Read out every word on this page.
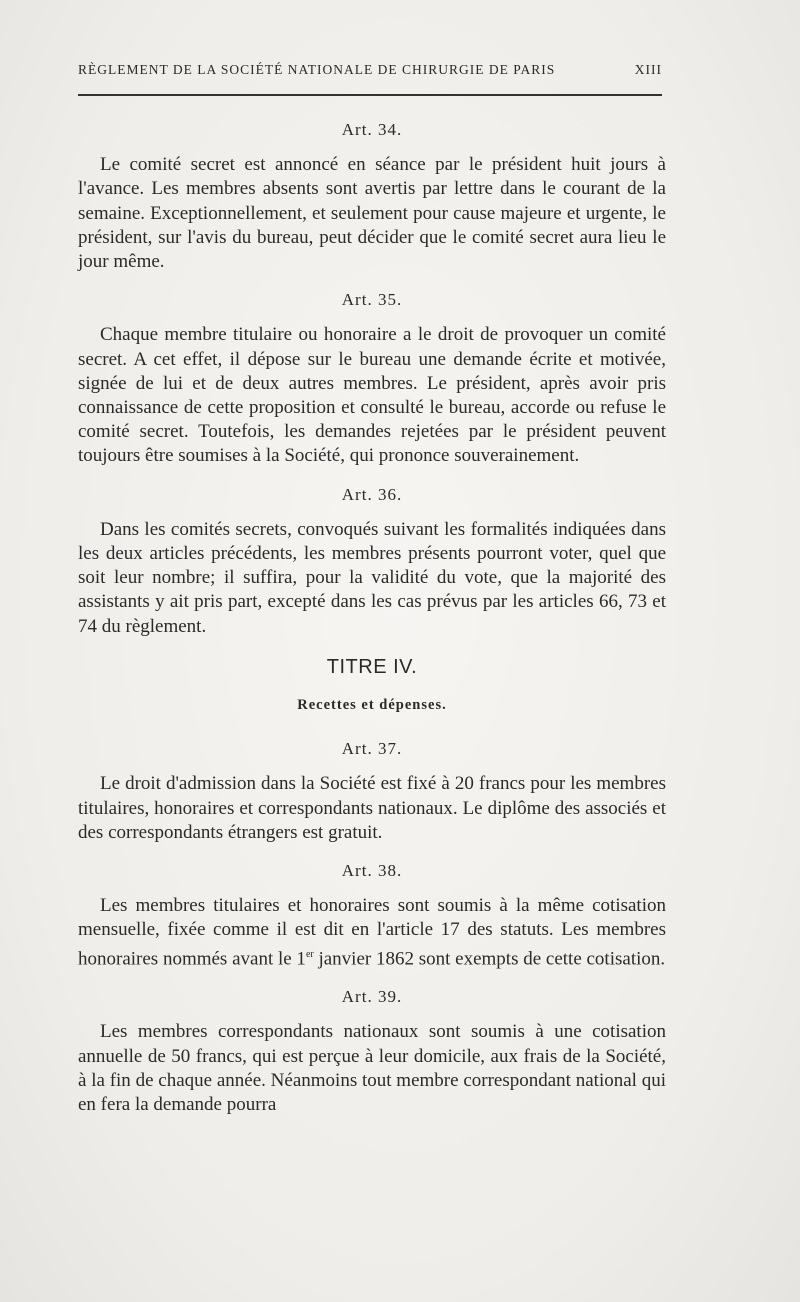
RÈGLEMENT DE LA SOCIÉTÉ NATIONALE DE CHIRURGIE DE PARIS	XIII
Art. 34.

Le comité secret est annoncé en séance par le président huit jours à l'avance. Les membres absents sont avertis par lettre dans le courant de la semaine. Exceptionnellement, et seulement pour cause majeure et urgente, le président, sur l'avis du bureau, peut décider que le comité secret aura lieu le jour même.

Art. 35.

Chaque membre titulaire ou honoraire a le droit de provoquer un comité secret. A cet effet, il dépose sur le bureau une demande écrite et motivée, signée de lui et de deux autres membres. Le président, après avoir pris connaissance de cette proposition et consulté le bureau, accorde ou refuse le comité secret. Toutefois, les demandes rejetées par le président peuvent toujours être soumises à la Société, qui prononce souverainement.

Art. 36.

Dans les comités secrets, convoqués suivant les formalités indiquées dans les deux articles précédents, les membres présents pourront voter, quel que soit leur nombre; il suffira, pour la validité du vote, que la majorité des assistants y ait pris part, excepté dans les cas prévus par les articles 66, 73 et 74 du règlement.

TITRE IV.
Recettes et dépenses.
Art. 37.

Le droit d'admission dans la Société est fixé à 20 francs pour les membres titulaires, honoraires et correspondants nationaux. Le diplôme des associés et des correspondants étrangers est gratuit.

Art. 38.

Les membres titulaires et honoraires sont soumis à la même cotisation mensuelle, fixée comme il est dit en l'article 17 des statuts. Les membres honoraires nommés avant le 1er janvier 1862 sont exempts de cette cotisation.

Art. 39.

Les membres correspondants nationaux sont soumis à une cotisation annuelle de 50 francs, qui est perçue à leur domicile, aux frais de la Société, à la fin de chaque année. Néanmoins tout membre correspondant national qui en fera la demande pourra
